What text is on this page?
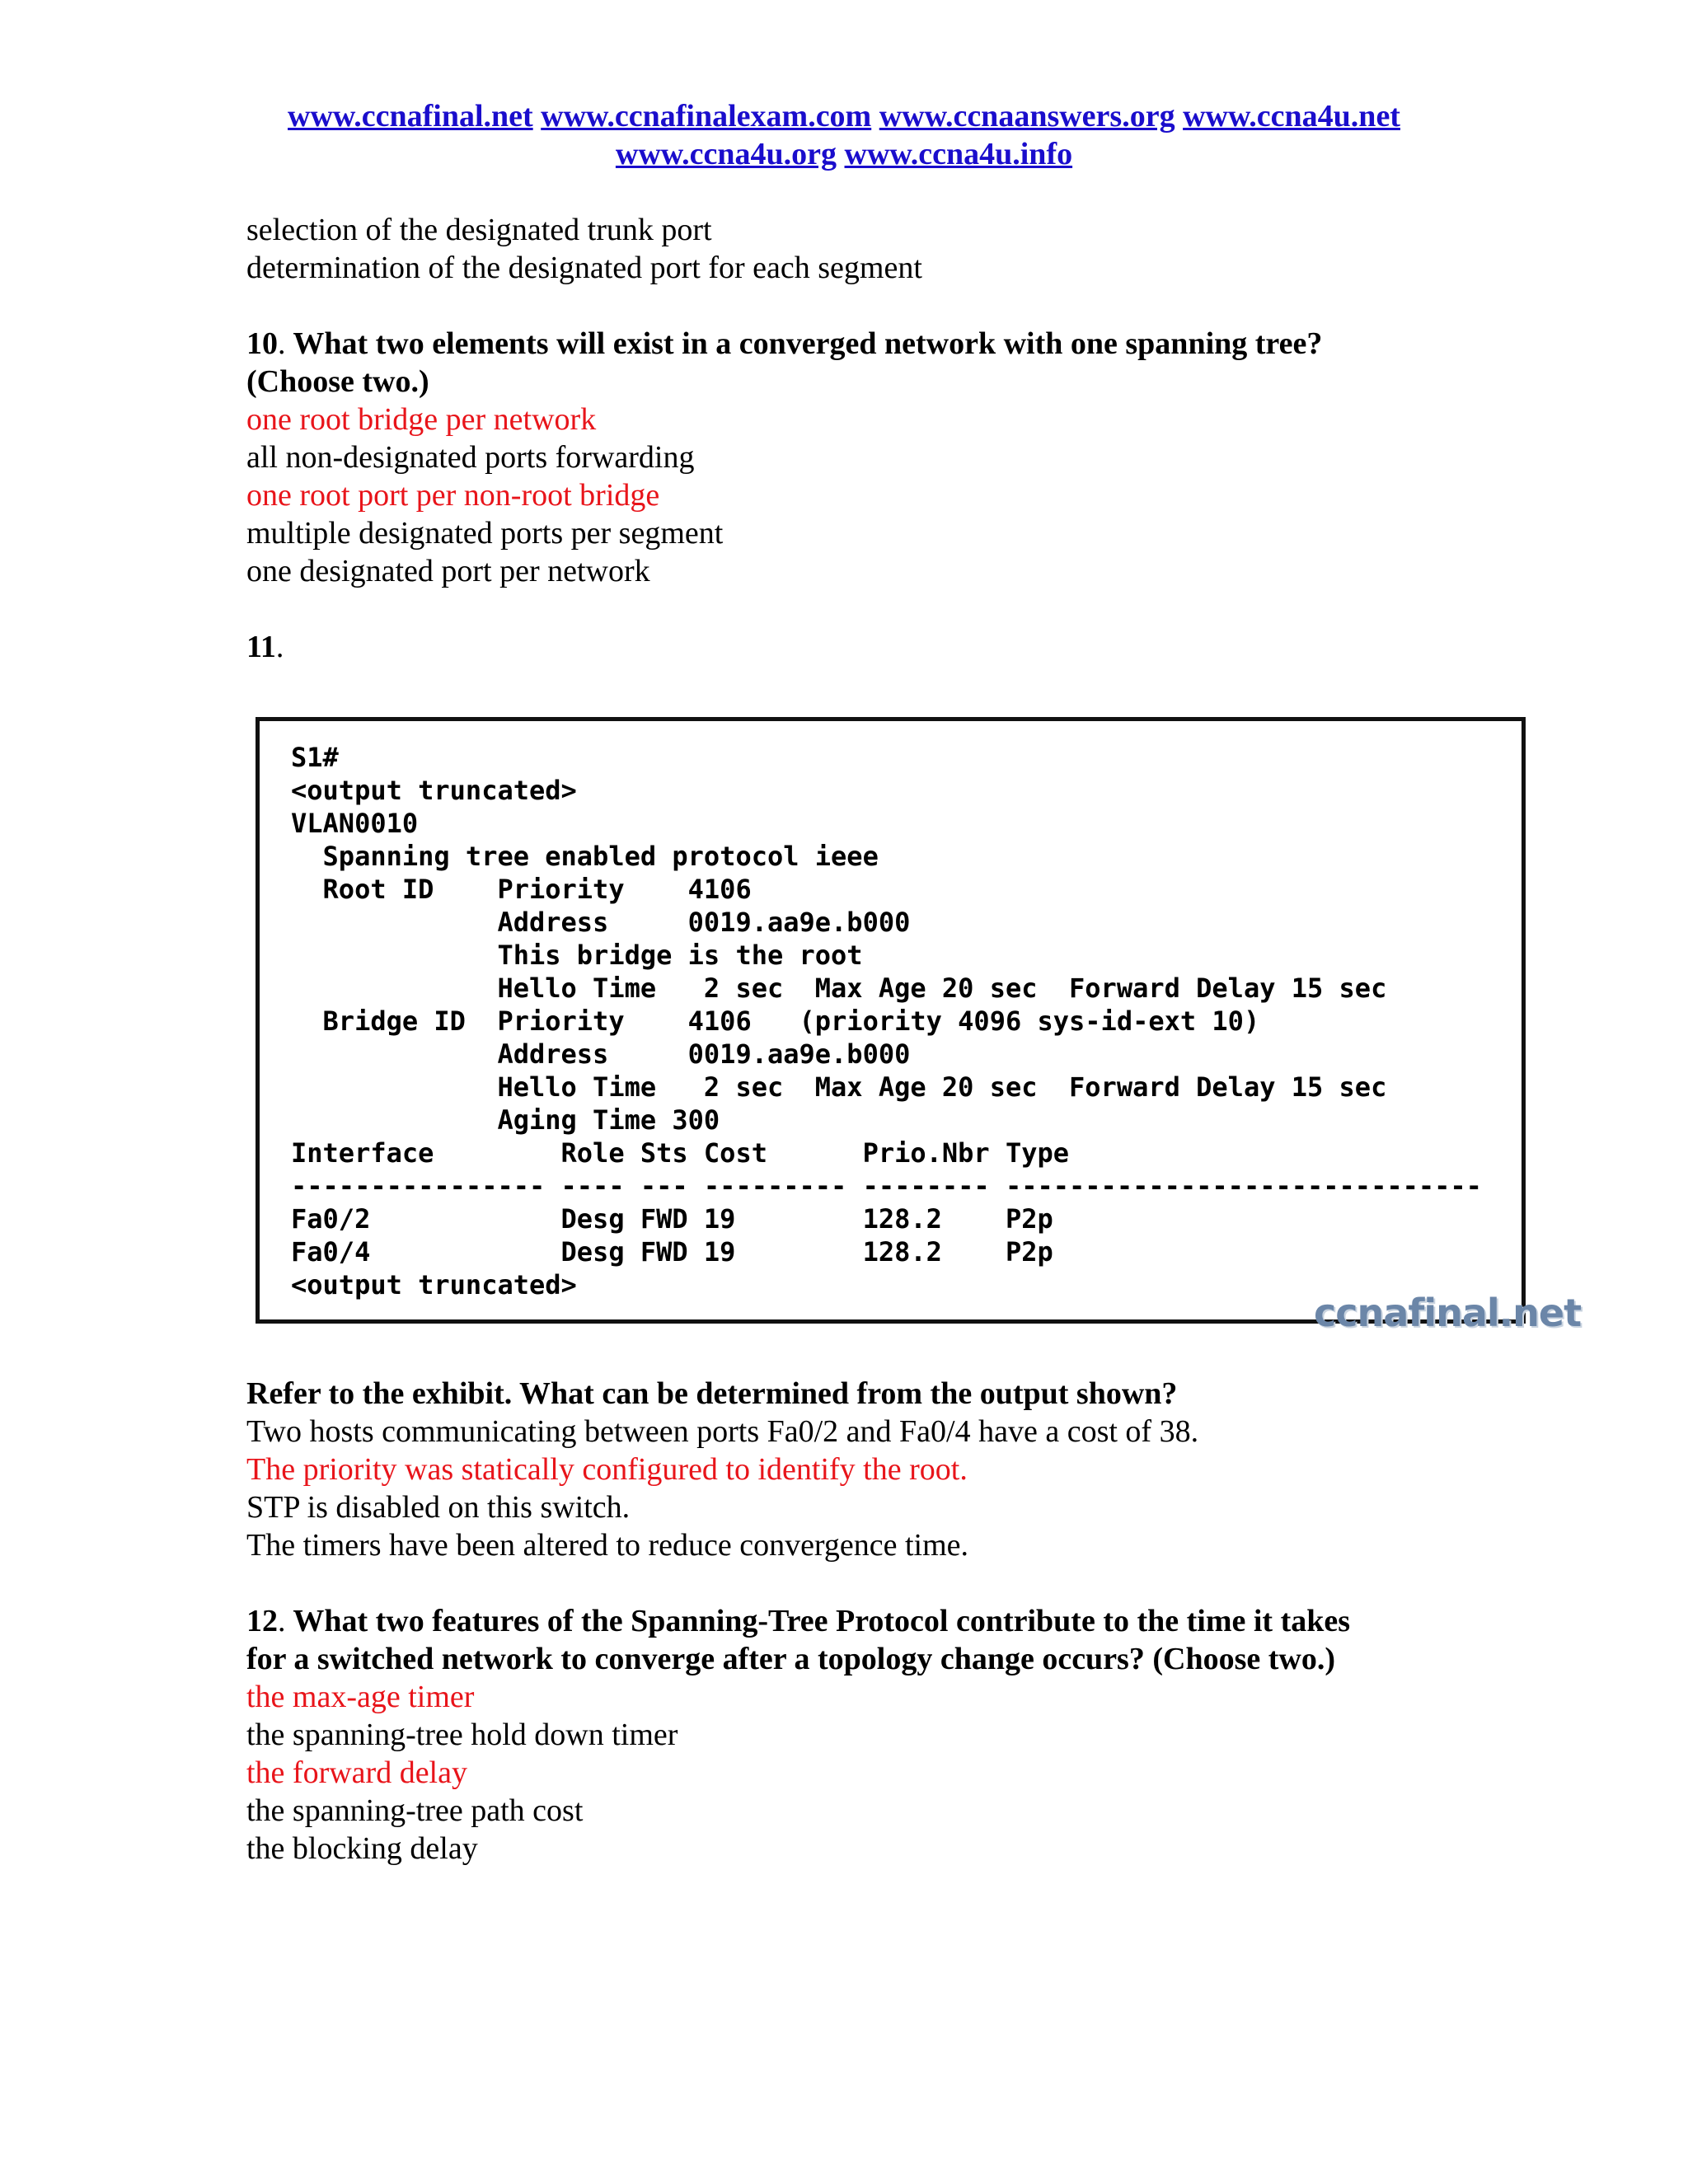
www.ccnafinal.net www.ccnafinalexam.com www.ccnaanswers.org www.ccna4u.net
www.ccna4u.org www.ccna4u.info
selection of the designated trunk port
determination of the designated port for each segment
10. What two elements will exist in a converged network with one spanning tree?
(Choose two.)
one root bridge per network
all non-designated ports forwarding
one root port per non-root bridge
multiple designated ports per segment
one designated port per network
11.
S1#
<output truncated>
VLAN0010
Spanning tree enabled protocol ieee
Root ID    Priority    4106
Address     0019.aa9e.b000
This bridge is the root
Hello Time   2 sec  Max Age 20 sec  Forward Delay 15 sec
Bridge ID  Priority    4106   (priority 4096 sys-id-ext 10)
Address     0019.aa9e.b000
Hello Time   2 sec  Max Age 20 sec  Forward Delay 15 sec
Aging Time 300
Interface        Role Sts Cost      Prio.Nbr Type
---------------- ---- --- --------- -------- ------------------------------
Fa0/2            Desg FWD 19        128.2    P2p
Fa0/4            Desg FWD 19        128.2    P2p
<output truncated>

ccnafinal.net
Refer to the exhibit. What can be determined from the output shown?
Two hosts communicating between ports Fa0/2 and Fa0/4 have a cost of 38.
The priority was statically configured to identify the root.
STP is disabled on this switch.
The timers have been altered to reduce convergence time.
12. What two features of the Spanning-Tree Protocol contribute to the time it takes
for a switched network to converge after a topology change occurs? (Choose two.)
the max-age timer
the spanning-tree hold down timer
the forward delay
the spanning-tree path cost
the blocking delay
